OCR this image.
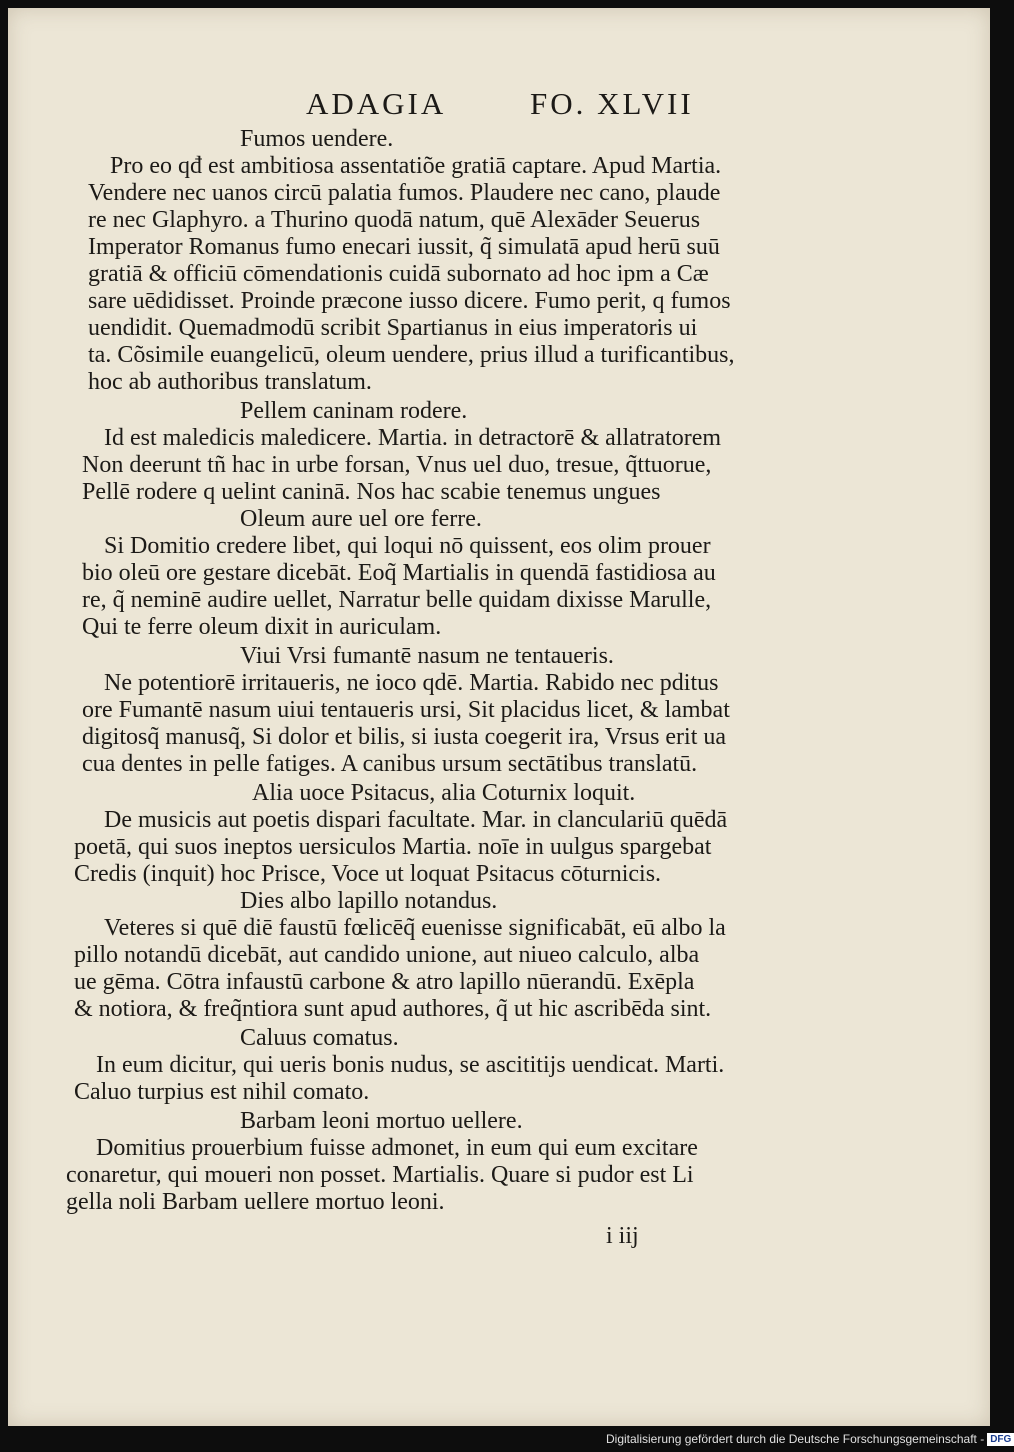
ADAGIA	FO. XLVII
Fumos uendere.
Pro eo qđ est ambitiosa assentatiõe gratiā captare. Apud Martia.
Vendere nec uanos circū palatia fumos. Plaudere nec cano, plaude
re nec Glaphyro. a Thurino quodā natum, quē Alexāder Seuerus
Imperator Romanus fumo enecari iussit, q̃ simulatā apud herū suū
gratiā & officiū cōmendationis cuidā subornato ad hoc ipm a Cæ
sare uēdidisset. Proinde præcone iusso dicere. Fumo perit, q fumos
uendidit. Quemadmodū scribit Spartianus in eius imperatoris ui
ta. Cõsimile euangelicū, oleum uendere, prius illud a turificantibus,
hoc ab authoribus translatum.
Pellem caninam rodere.
Id est maledicis maledicere. Martia. in detractorē & allatratorem
Non deerunt tñ hac in urbe forsan, Vnus uel duo, tresue, q̃ttuorue,
Pellē rodere q uelint caninā. Nos hac scabie tenemus ungues
Oleum aure uel ore ferre.
Si Domitio credere libet, qui loqui nō quissent, eos olim prouer
bio oleū ore gestare dicebāt. Eoq̃ Martialis in quendā fastidiosa au
re, q̃ neminē audire uellet, Narratur belle quidam dixisse Marulle,
Qui te ferre oleum dixit in auriculam.
Viui Vrsi fumantē nasum ne tentaueris.
Ne potentiorē irritaueris, ne ioco qdē. Martia. Rabido nec pditus
ore Fumantē nasum uiui tentaueris ursi, Sit placidus licet, & lambat
digitosq̃ manusq̃, Si dolor et bilis, si iusta coegerit ira, Vrsus erit ua
cua dentes in pelle fatiges. A canibus ursum sectātibus translatū.
Alia uoce Psitacus, alia Coturnix loquit.
De musicis aut poetis dispari facultate. Mar. in clanculariū quēdā
poetā, qui suos ineptos uersiculos Martia. noīe in uulgus spargebat
Credis (inquit) hoc Prisce, Voce ut loquat Psitacus cōturnicis.
Dies albo lapillo notandus.
Veteres si quē diē faustū fœlicēq̃ euenisse significabāt, eū albo la
pillo notandū dicebāt, aut candido unione, aut niueo calculo, alba
ue gēma. Cōtra infaustū carbone & atro lapillo nūerandū. Exēpla
& notiora, & freq̃ntiora sunt apud authores, q̃ ut hic ascribēda sint.
Caluus comatus.
In eum dicitur, qui ueris bonis nudus, se ascititijs uendicat. Marti.
Caluo turpius est nihil comato.
Barbam leoni mortuo uellere.
Domitius prouerbium fuisse admonet, in eum qui eum excitare
conaretur, qui moueri non posset. Martialis. Quare si pudor est Li
gella noli Barbam uellere mortuo leoni.
i iij
Digitalisierung gefördert durch die Deutsche Forschungsgemeinschaft - DFG
